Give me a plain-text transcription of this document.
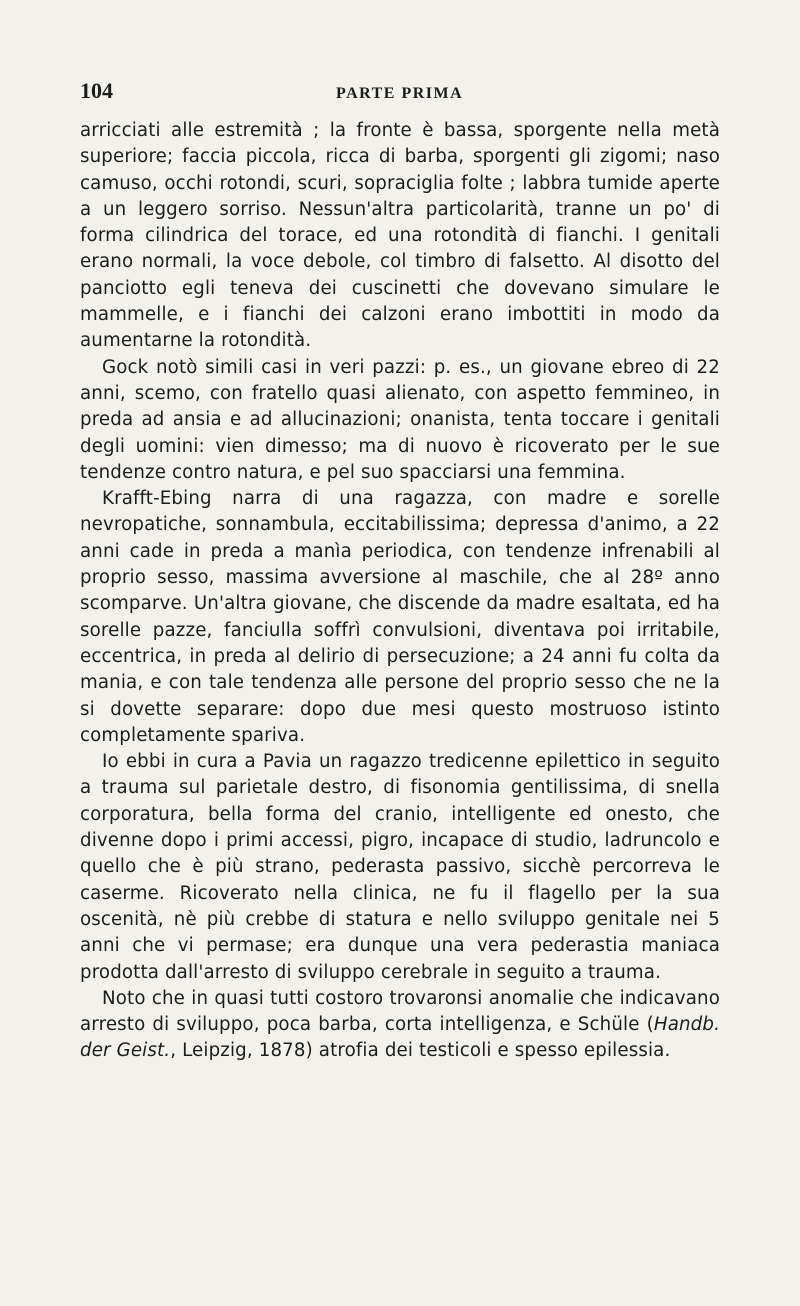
104	PARTE PRIMA

arricciati alle estremità ; la fronte è bassa, sporgente nella metà superiore; faccia piccola, ricca di barba, sporgenti gli zigomi; naso camuso, occhi rotondi, scuri, sopraciglia folte ; labbra tumide aperte a un leggero sorriso. Nessun'altra particolarità, tranne un po' di forma cilindrica del torace, ed una rotondità di fianchi. I genitali erano normali, la voce debole, col timbro di falsetto. Al disotto del panciotto egli teneva dei cuscinetti che dovevano simulare le mammelle, e i fianchi dei calzoni erano imbottiti in modo da aumentarne la rotondità.

Gock notò simili casi in veri pazzi: p. es., un giovane ebreo di 22 anni, scemo, con fratello quasi alienato, con aspetto femmineo, in preda ad ansia e ad allucinazioni; onanista, tenta toccare i genitali degli uomini: vien dimesso; ma di nuovo è ricoverato per le sue tendenze contro natura, e pel suo spacciarsi una femmina.

Krafft-Ebing narra di una ragazza, con madre e sorelle nevropatiche, sonnambula, eccitabilissima; depressa d'animo, a 22 anni cade in preda a manìa periodica, con tendenze infrenabili al proprio sesso, massima avversione al maschile, che al 28º anno scomparve. Un'altra giovane, che discende da madre esaltata, ed ha sorelle pazze, fanciulla soffrì convulsioni, diventava poi irritabile, eccentrica, in preda al delirio di persecuzione; a 24 anni fu colta da mania, e con tale tendenza alle persone del proprio sesso che ne la si dovette separare: dopo due mesi questo mostruoso istinto completamente spariva.

Io ebbi in cura a Pavia un ragazzo tredicenne epilettico in seguito a trauma sul parietale destro, di fisonomia gentilissima, di snella corporatura, bella forma del cranio, intelligente ed onesto, che divenne dopo i primi accessi, pigro, incapace di studio, ladruncolo e quello che è più strano, pederasta passivo, sicchè percorreva le caserme. Ricoverato nella clinica, ne fu il flagello per la sua oscenità, nè più crebbe di statura e nello sviluppo genitale nei 5 anni che vi permase; era dunque una vera pederastia maniaca prodotta dall'arresto di sviluppo cerebrale in seguito a trauma.

Noto che in quasi tutti costoro trovaronsi anomalie che indicavano arresto di sviluppo, poca barba, corta intelligenza, e Schüle (Handb. der Geist., Leipzig, 1878) atrofia dei testicoli e spesso epilessia.
